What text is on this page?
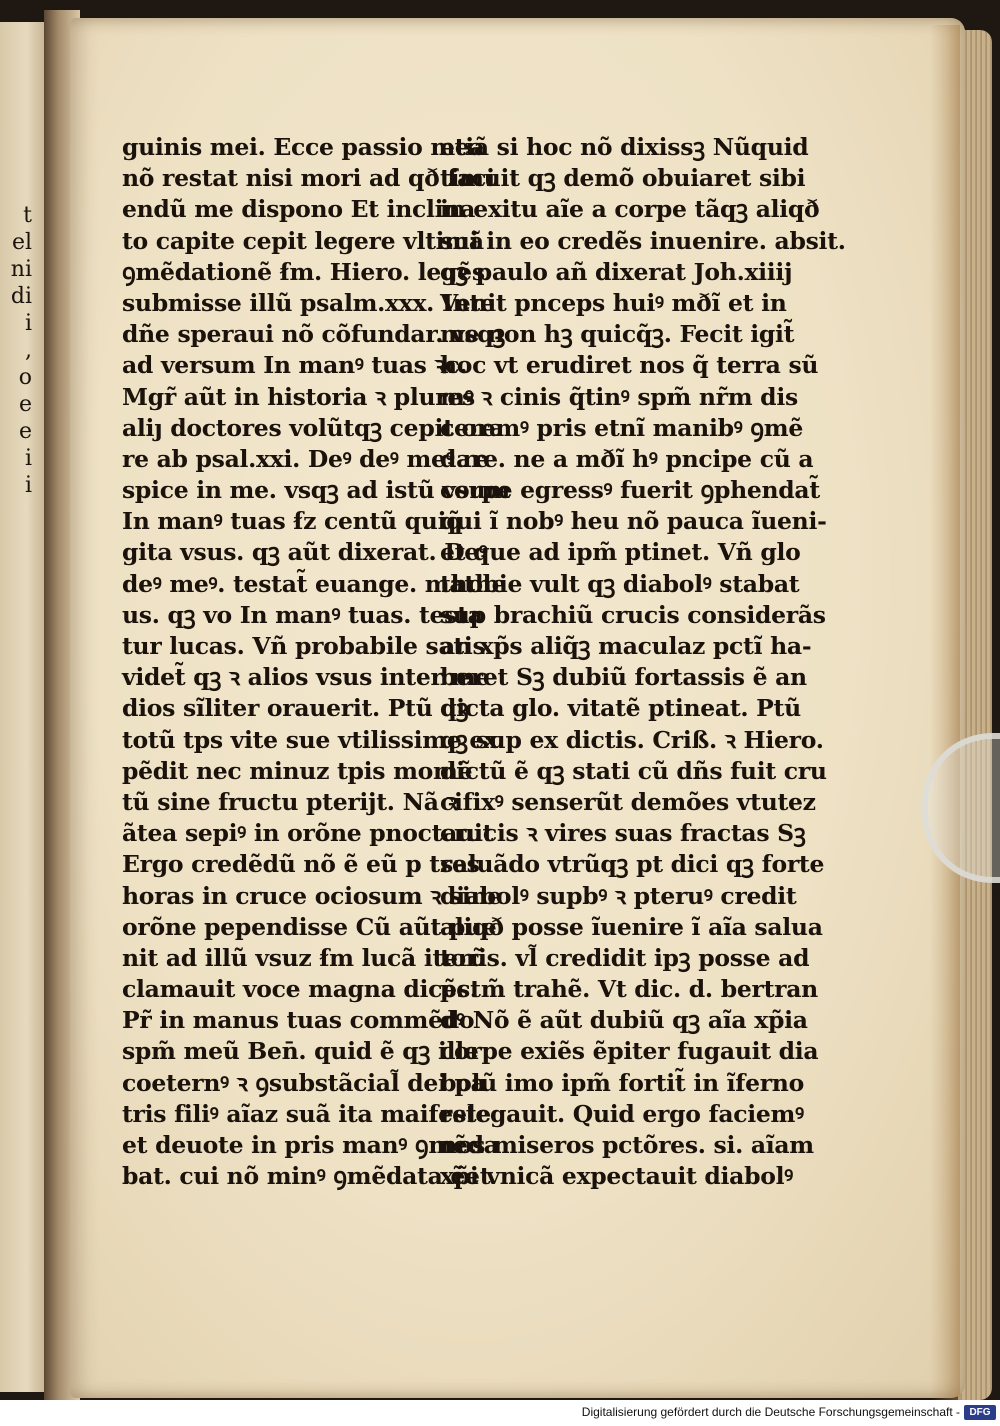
t
el
ni
di
i
,
o
e
e
i
i
guinis mei. Ecce passio mea
nõ restat nisi mori ad qð faci
endũ me dispono Et inclina
to capite cepit legere vltimã
ꝯmẽdationẽ ẜm. Hiero. legẽs
submisse illũ psalm.xxx. Inte
dñe speraui nõ cõfundar. vsqꝫ
ad versum In manꝰ tuas ꝛc.
Mgr̃ aũt in historia ꝛ plures
aliȷ doctores volũtqꝫ cepit ora
re ab psal.xxi. Deꝰ deꝰ meꝰ re
spice in me. vsqꝫ ad istũ vsum
In manꝰ tuas ẜz centũ quiq̃
gita vsus. qꝫ aũt dixerat. Deꝰ
deꝰ meꝰ. testat̃ euange. mathe
us. qꝫ vo In manꝰ tuas. testa
tur lucas. Vñ probabile satis
videt̃ qꝫ ꝛ alios vsus inter me
dios sĩliter orauerit. Ptũ qꝫ
totũ tps vite sue vtilissime ex
pẽdit nec minuz tpis momẽ
tũ sine fructu pterijt. Nã ꝛ
ãtea sepiꝰ in orõne pnoctauit
Ergo credẽdũ nõ ẽ eũ p tres
horas in cruce ociosum ꝛ sine
orõne pependisse Cũ aũt pue
nit ad illũ vsuz ẜm lucã iterũ
clamauit voce magna dicẽs.
Pr̃ in manus tuas commẽdo
spm̃ meũ Ben̄. quid ẽ qꝫ ille
coeternꝰ ꝛ ꝯsubstãcial̃ dei pa
tris filiꝰ aĩaz suã ita maifeste
et deuote in pris manꝰ ꝯmẽda
bat. cui nõ minꝰ ꝯmẽdata ẽet
etiã si hoc nõ dixissꝫ Nũquid
timuit qꝫ demõ obuiaret sibi
in exitu aĩe a corpe tãqꝫ aliqð
sui in eo credẽs inuenire. absit.
qꝫ paulo añ dixerat Joh.xiiij
Venit pnceps huiꝰ mðĩ et in
me non hꝫ quicq̃ꝫ. Fecit igit̃
hoc vt erudiret nos q̃ terra sũ
mꝰ ꝛ cinis q̃tinꝰ spm̃ nr̃m dis
ceremꝰ pris etnĩ manibꝰ ꝯmẽ
dare. ne a mðĩ hꝰ pncipe cũ a
corpe egressꝰ fuerit ꝯphendat̃
qui ĩ nobꝰ heu nõ pauca ĩueni-
et que ad ipm̃ ptinet. Vñ glo
thobie vult qꝫ diabolꝰ stabat
sup brachiũ crucis considerãs
an xp̃s aliq̃ꝫ maculaz pctĩ ha-
beret Sꝫ dubiũ fortassis ẽ an
dicta glo. vitatẽ ptineat. Ptũ
qꝫ sup ex dictis. Criß. ꝛ Hiero.
dictũ ẽ qꝫ stati cũ dñs fuit cru
cifixꝰ senserũt demões vtutez
crucis ꝛ vires suas fractas Sꝫ
saluãdo vtrũqꝫ pt dici qꝫ forte
diabolꝰ supbꝰ ꝛ pteruꝰ credit
aliqð posse ĩuenire ĩ aĩa salua
toris. vl̃ credidit ipꝫ posse ad
pctm̃ trahẽ. Vt dic. d. bertran
dꝰ Nõ ẽ aũt dubiũ qꝫ aĩa xp̃ia
corpe exiẽs ẽpiter fugauit dia
bolũ imo ipm̃ fortit̃ in ĩferno
relegauit. Quid ergo faciemꝰ
nos miseros pctõres. si. aĩam
xp̃i vnicã expectauit diabolꝰ
Digitalisierung gefördert durch die Deutsche Forschungsgemeinschaft - DFG
